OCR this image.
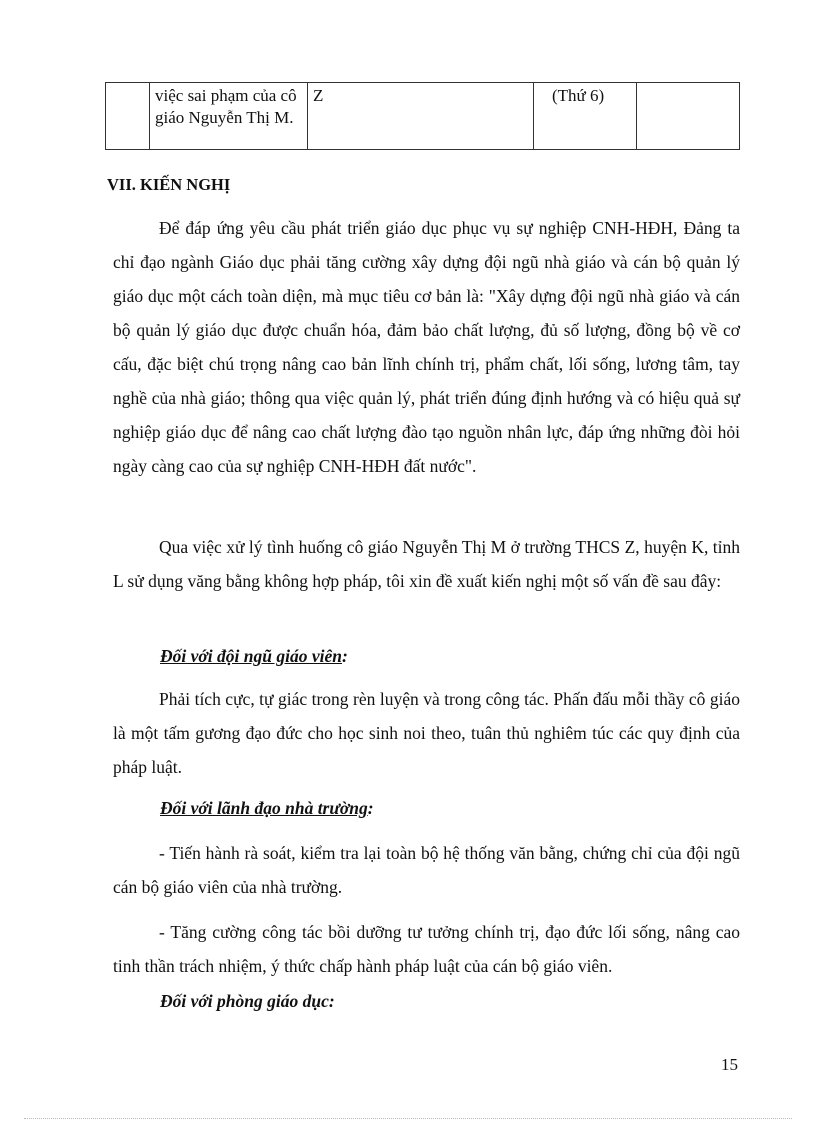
	việc sai phạm của cô giáo Nguyễn Thị M.	Z	(Thứ 6)	
VII. KIẾN NGHỊ

Để đáp ứng yêu cầu phát triển giáo dục phục vụ sự nghiệp CNH-HĐH, Đảng ta chỉ đạo ngành Giáo dục phải tăng cường xây dựng đội ngũ nhà giáo và cán bộ quản lý giáo dục một cách toàn diện, mà mục tiêu cơ bản là: "Xây dựng đội ngũ nhà giáo và cán bộ quản lý giáo dục được chuẩn hóa, đảm bảo chất lượng, đủ số lượng, đồng bộ về cơ cấu, đặc biệt chú trọng nâng cao bản lĩnh chính trị, phẩm chất, lối sống, lương tâm, tay nghề của nhà giáo; thông qua việc quản lý, phát triển đúng định hướng và có hiệu quả sự nghiệp giáo dục để nâng cao chất lượng đào tạo nguồn nhân lực, đáp ứng những đòi hỏi ngày càng cao của sự nghiệp CNH-HĐH đất nước".

Qua việc xử lý tình huống cô giáo Nguyễn Thị M ở trường THCS Z, huyện K, tỉnh L sử dụng văng bằng không hợp pháp, tôi xin đề xuất kiến nghị một số vấn đề sau đây:

Đối với đội ngũ giáo viên:

Phải tích cực, tự giác trong rèn luyện và trong công tác. Phấn đấu mỗi thầy cô giáo là một tấm gương đạo đức cho học sinh noi theo, tuân thủ nghiêm túc các quy định của pháp luật.

Đối với lãnh đạo nhà trường:

- Tiến hành rà soát, kiểm tra lại toàn bộ hệ thống văn bằng, chứng chỉ của đội ngũ cán bộ giáo viên của nhà trường.

- Tăng cường công tác bồi dưỡng tư tưởng chính trị, đạo đức lối sống, nâng cao tinh thần trách nhiệm, ý thức chấp hành pháp luật của cán bộ giáo viên.

Đối với phòng giáo dục:

15
